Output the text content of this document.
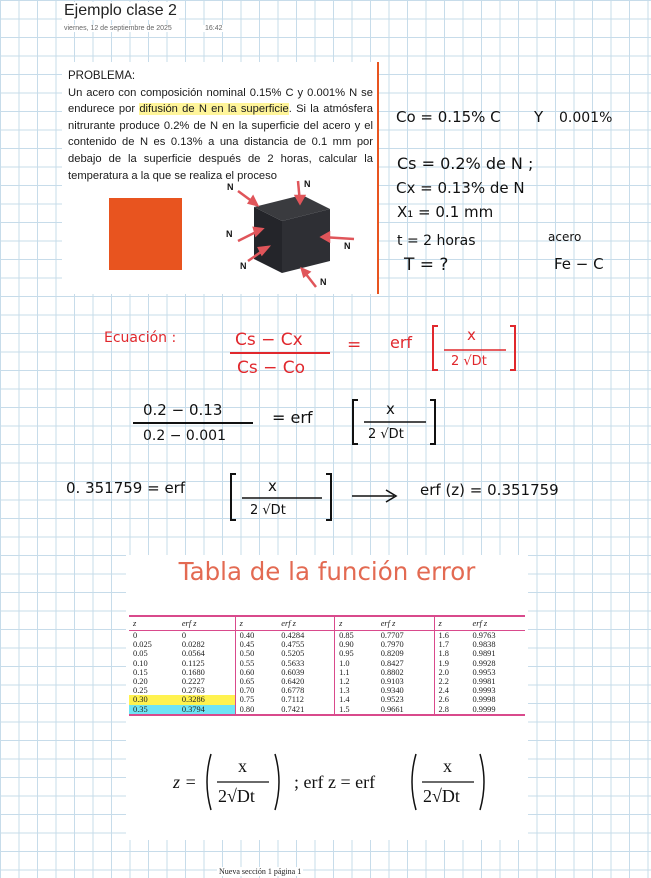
Ejemplo clase 2
viernes, 12 de septiembre de 2025	16:42
PROBLEMA:
Un acero con composición nominal 0.15% C y 0.001% N se endurece por difusión de N en la superficie. Si la atmósfera nitrurante produce 0.2% de N en la superficie del acero y el contenido de N es 0.13% a una distancia de 0.1 mm por debajo de la superficie después de 2 horas, calcular la temperatura a la que se realiza el proceso
N	N
N
N
N
N
Co = 0.15% C Y 0.001%
Cs = 0.2% de N ;
Cx = 0.13% de N
X₁ = 0.1 mm
t = 2 horas	acero
T = ?	Fe − C
Ecuación :	Cs − Cx
Cs − Co
= erf	x
2 √Dt
0.2 − 0.13
0.2 − 0.001
= erf	x
2 √Dt
0. 351759 = erf	x
2 √Dt
erf (z) = 0.351759
Tabla de la función error
z	erf z	z	erf z	z	erf z	z	erf z
0	0	0.40	0.4284	0.85	0.7707	1.6	0.9763
0.025	0.0282	0.45	0.4755	0.90	0.7970	1.7	0.9838
0.05	0.0564	0.50	0.5205	0.95	0.8209	1.8	0.9891
0.10	0.1125	0.55	0.5633	1.0	0.8427	1.9	0.9928
0.15	0.1680	0.60	0.6039	1.1	0.8802	2.0	0.9953
0.20	0.2227	0.65	0.6420	1.2	0.9103	2.2	0.9981
0.25	0.2763	0.70	0.6778	1.3	0.9340	2.4	0.9993
0.30	0.3286	0.75	0.7112	1.4	0.9523	2.6	0.9998
0.35	0.3794	0.80	0.7421	1.5	0.9661	2.8	0.9999
z =
x
2√Dt
; erf z = erf
x
2√Dt
Nueva sección 1 página 1
